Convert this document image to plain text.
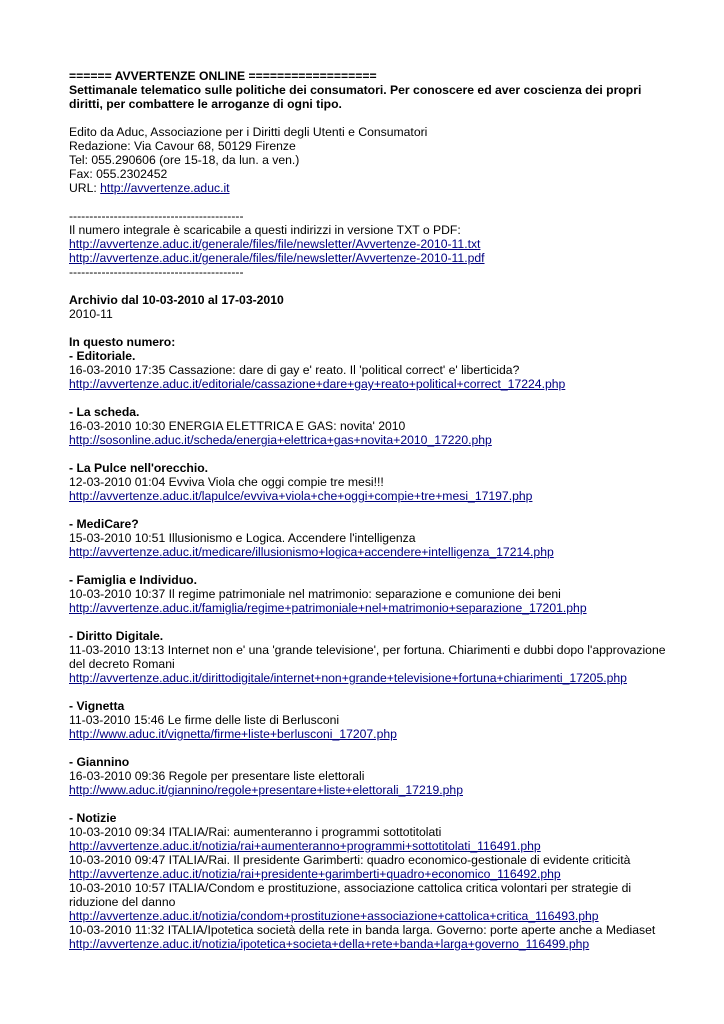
====== AVVERTENZE ONLINE ==================
Settimanale telematico sulle politiche dei consumatori. Per conoscere ed aver coscienza dei propri diritti, per combattere le arroganze di ogni tipo.
Edito da Aduc, Associazione per i Diritti degli Utenti e Consumatori
Redazione: Via Cavour 68, 50129 Firenze
Tel: 055.290606 (ore 15-18, da lun. a ven.)
Fax: 055.2302452
URL: http://avvertenze.aduc.it
-------------------------------------------
Il numero integrale è scaricabile a questi indirizzi in versione TXT o PDF:
http://avvertenze.aduc.it/generale/files/file/newsletter/Avvertenze-2010-11.txt
http://avvertenze.aduc.it/generale/files/file/newsletter/Avvertenze-2010-11.pdf
-------------------------------------------
Archivio dal 10-03-2010 al 17-03-2010
2010-11
In questo numero:
- Editoriale.
16-03-2010 17:35 Cassazione: dare di gay e' reato. Il 'political correct' e' liberticida?
http://avvertenze.aduc.it/editoriale/cassazione+dare+gay+reato+political+correct_17224.php
- La scheda.
16-03-2010 10:30 ENERGIA ELETTRICA E GAS: novita' 2010
http://sosonline.aduc.it/scheda/energia+elettrica+gas+novita+2010_17220.php
- La Pulce nell'orecchio.
12-03-2010 01:04 Evviva Viola che oggi compie tre mesi!!!
http://avvertenze.aduc.it/lapulce/evviva+viola+che+oggi+compie+tre+mesi_17197.php
- MediCare?
15-03-2010 10:51 Illusionismo e Logica. Accendere l'intelligenza
http://avvertenze.aduc.it/medicare/illusionismo+logica+accendere+intelligenza_17214.php
- Famiglia e Individuo.
10-03-2010 10:37 Il regime patrimoniale nel matrimonio: separazione e comunione dei beni
http://avvertenze.aduc.it/famiglia/regime+patrimoniale+nel+matrimonio+separazione_17201.php
- Diritto Digitale.
11-03-2010 13:13 Internet non e' una 'grande televisione', per fortuna. Chiarimenti e dubbi dopo l'approvazione del decreto Romani
http://avvertenze.aduc.it/dirittodigitale/internet+non+grande+televisione+fortuna+chiarimenti_17205.php
- Vignetta
11-03-2010 15:46 Le firme delle liste di Berlusconi
http://www.aduc.it/vignetta/firme+liste+berlusconi_17207.php
- Giannino
16-03-2010 09:36 Regole per presentare liste elettorali
http://www.aduc.it/giannino/regole+presentare+liste+elettorali_17219.php
- Notizie
10-03-2010 09:34 ITALIA/Rai: aumenteranno i programmi sottotitolati
http://avvertenze.aduc.it/notizia/rai+aumenteranno+programmi+sottotitolati_116491.php
10-03-2010 09:47 ITALIA/Rai. Il presidente Garimberti: quadro economico-gestionale di evidente criticità
http://avvertenze.aduc.it/notizia/rai+presidente+garimberti+quadro+economico_116492.php
10-03-2010 10:57 ITALIA/Condom e prostituzione, associazione cattolica critica volontari per strategie di riduzione del danno
http://avvertenze.aduc.it/notizia/condom+prostituzione+associazione+cattolica+critica_116493.php
10-03-2010 11:32 ITALIA/Ipotetica società della rete in banda larga. Governo: porte aperte anche a Mediaset
http://avvertenze.aduc.it/notizia/ipotetica+societa+della+rete+banda+larga+governo_116499.php
